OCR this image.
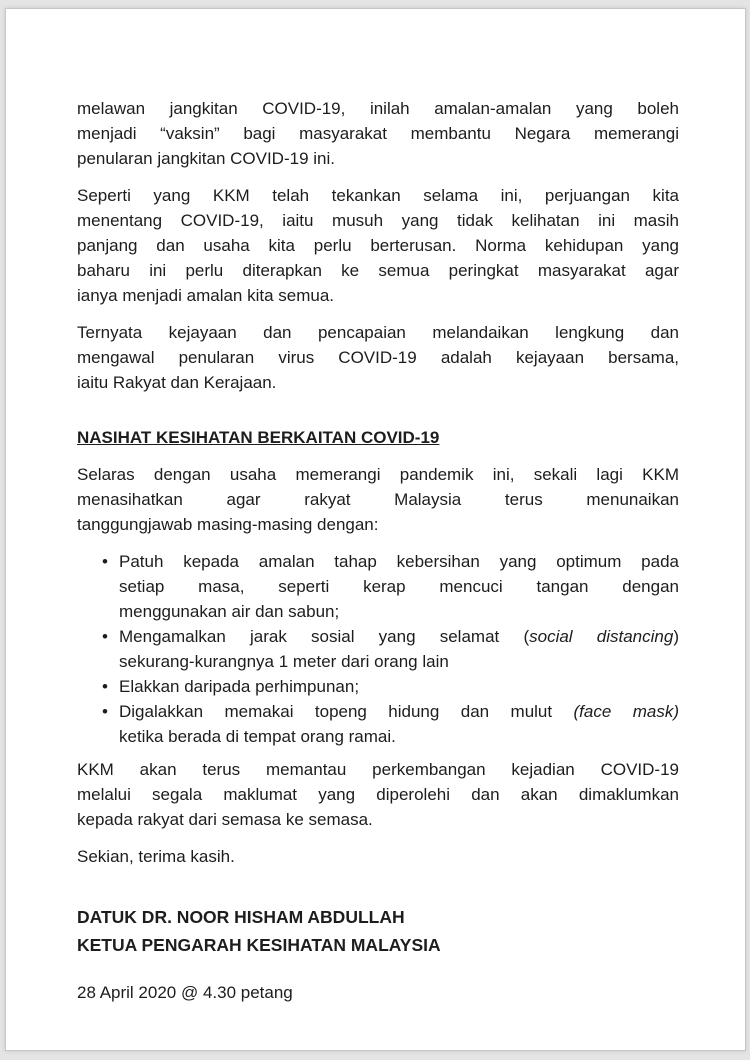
melawan jangkitan COVID-19, inilah amalan-amalan yang boleh
menjadi “vaksin” bagi masyarakat membantu Negara memerangi
penularan jangkitan COVID-19 ini.

Seperti yang KKM telah tekankan selama ini, perjuangan kita
menentang COVID-19, iaitu musuh yang tidak kelihatan ini masih
panjang dan usaha kita perlu berterusan. Norma kehidupan yang
baharu ini perlu diterapkan ke semua peringkat masyarakat agar
ianya menjadi amalan kita semua.

Ternyata kejayaan dan pencapaian melandaikan lengkung dan
mengawal penularan virus COVID-19 adalah kejayaan bersama,
iaitu Rakyat dan Kerajaan.

NASIHAT KESIHATAN BERKAITAN COVID-19

Selaras dengan usaha memerangi pandemik ini, sekali lagi KKM
menasihatkan agar rakyat Malaysia terus menunaikan
tanggungjawab masing-masing dengan:

• Patuh kepada amalan tahap kebersihan yang optimum pada
setiap masa, seperti kerap mencuci tangan dengan
menggunakan air dan sabun;
• Mengamalkan jarak sosial yang selamat (social distancing)
sekurang-kurangnya 1 meter dari orang lain
• Elakkan daripada perhimpunan;
• Digalakkan memakai topeng hidung dan mulut (face mask)
ketika berada di tempat orang ramai.

KKM akan terus memantau perkembangan kejadian COVID-19
melalui segala maklumat yang diperolehi dan akan dimaklumkan
kepada rakyat dari semasa ke semasa.

Sekian, terima kasih.

DATUK DR. NOOR HISHAM ABDULLAH
KETUA PENGARAH KESIHATAN MALAYSIA

28 April 2020 @ 4.30 petang
